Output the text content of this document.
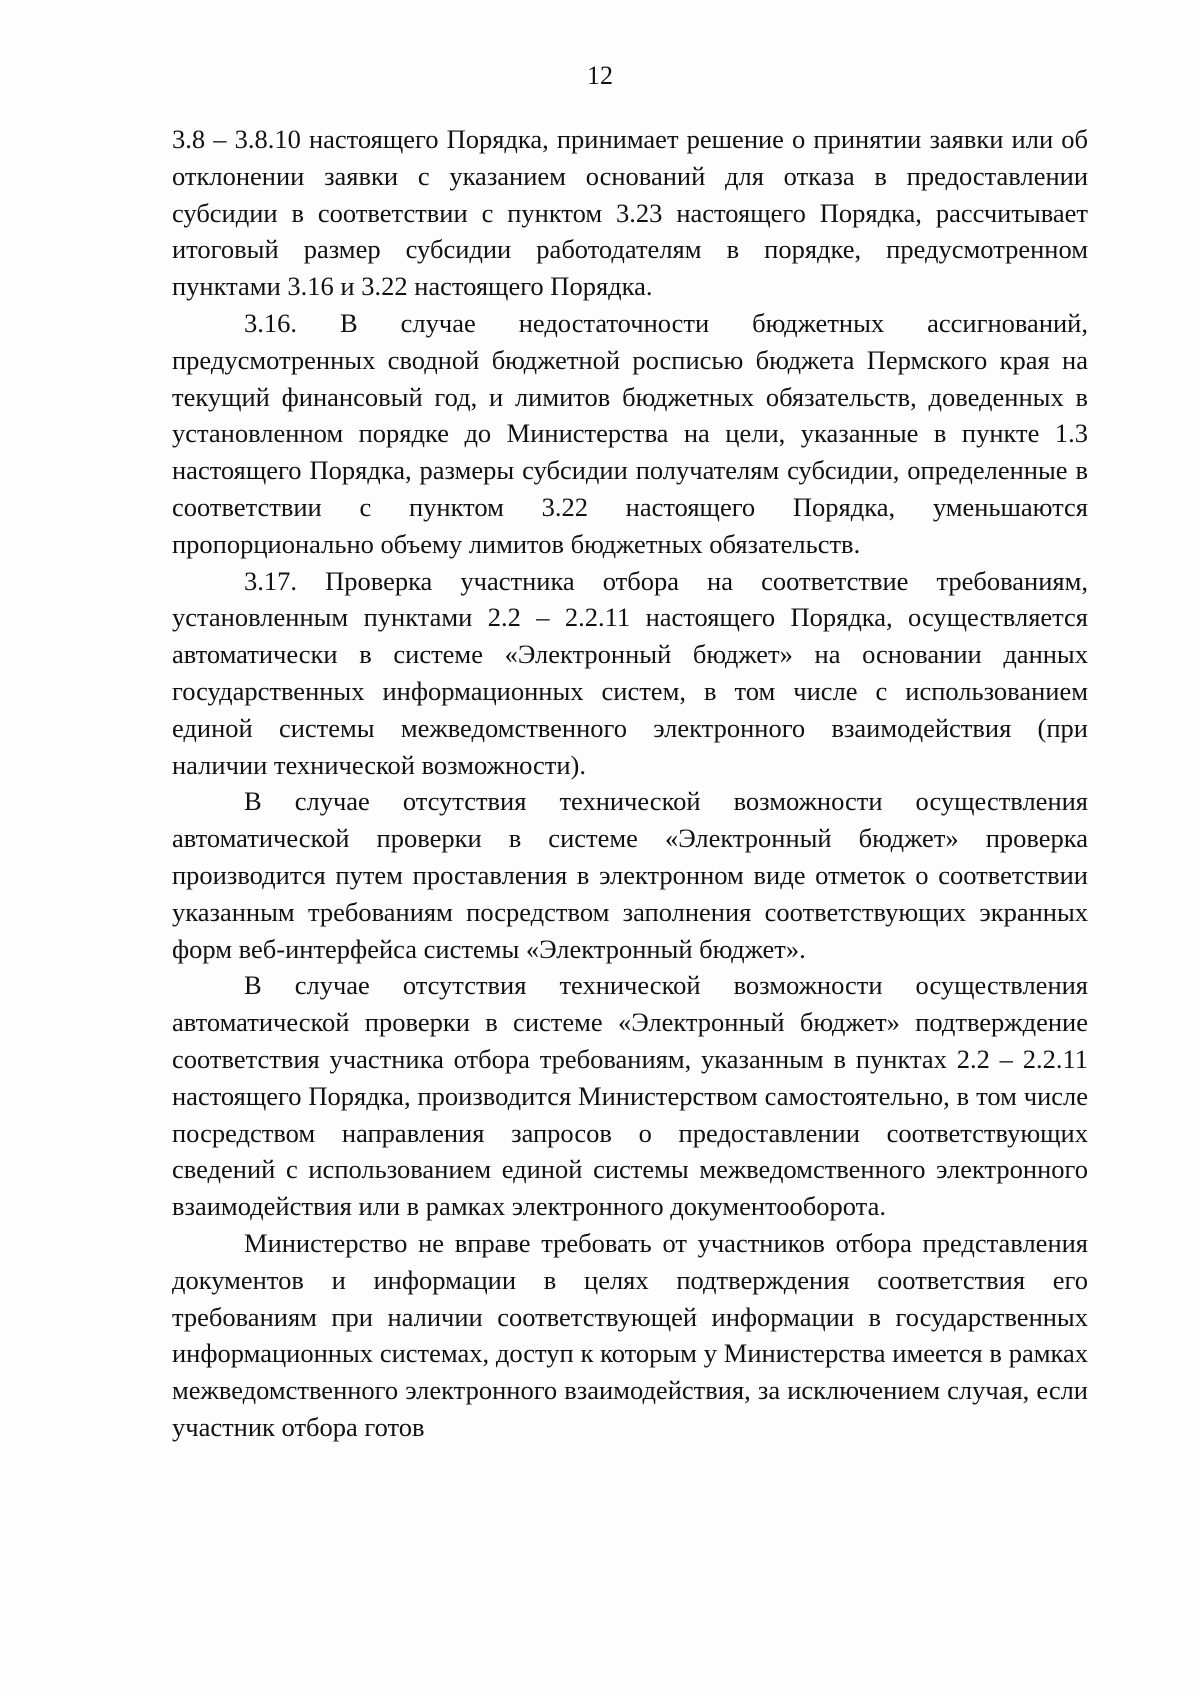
12

3.8 – 3.8.10 настоящего Порядка, принимает решение о принятии заявки или об отклонении заявки с указанием оснований для отказа в предоставлении субсидии в соответствии с пунктом 3.23 настоящего Порядка, рассчитывает итоговый размер субсидии работодателям в порядке, предусмотренном пунктами 3.16 и 3.22 настоящего Порядка.

3.16. В случае недостаточности бюджетных ассигнований, предусмотренных сводной бюджетной росписью бюджета Пермского края на текущий финансовый год, и лимитов бюджетных обязательств, доведенных в установленном порядке до Министерства на цели, указанные в пункте 1.3 настоящего Порядка, размеры субсидии получателям субсидии, определенные в соответствии с пунктом 3.22 настоящего Порядка, уменьшаются пропорционально объему лимитов бюджетных обязательств.

3.17. Проверка участника отбора на соответствие требованиям, установленным пунктами 2.2 – 2.2.11 настоящего Порядка, осуществляется автоматически в системе «Электронный бюджет» на основании данных государственных информационных систем, в том числе с использованием единой системы межведомственного электронного взаимодействия (при наличии технической возможности).

В случае отсутствия технической возможности осуществления автоматической проверки в системе «Электронный бюджет» проверка производится путем проставления в электронном виде отметок о соответствии указанным требованиям посредством заполнения соответствующих экранных форм веб-интерфейса системы «Электронный бюджет».

В случае отсутствия технической возможности осуществления автоматической проверки в системе «Электронный бюджет» подтверждение соответствия участника отбора требованиям, указанным в пунктах 2.2 – 2.2.11 настоящего Порядка, производится Министерством самостоятельно, в том числе посредством направления запросов о предоставлении соответствующих сведений с использованием единой системы межведомственного электронного взаимодействия или в рамках электронного документооборота.

Министерство не вправе требовать от участников отбора представления документов и информации в целях подтверждения соответствия его требованиям при наличии соответствующей информации в государственных информационных системах, доступ к которым у Министерства имеется в рамках межведомственного электронного взаимодействия, за исключением случая, если участник отбора готов
